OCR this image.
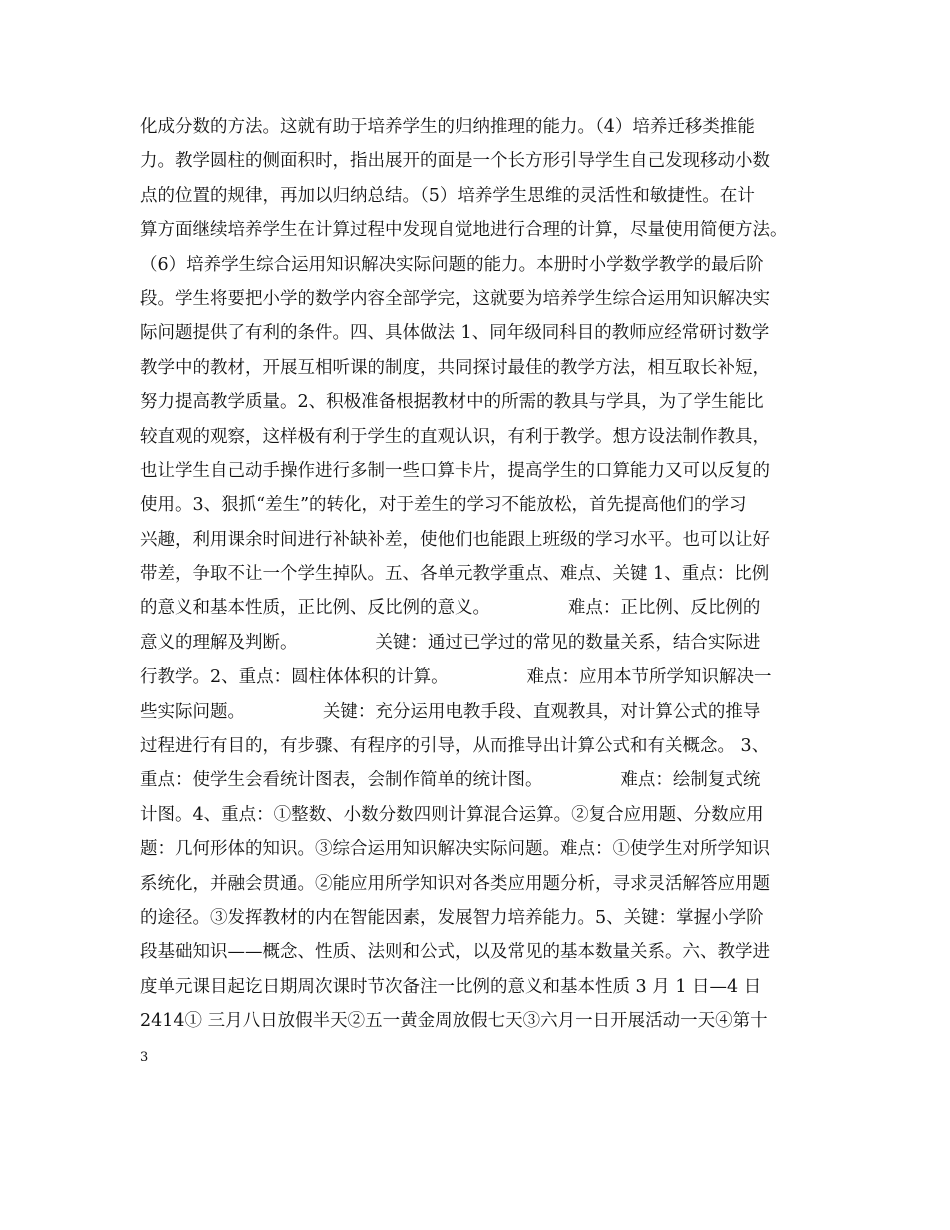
化成分数的方法。这就有助于培养学生的归纳推理的能力。（4）培养迁移类推能
力。教学圆柱的侧面积时，指出展开的面是一个长方形引导学生自己发现移动小数
点的位置的规律，再加以归纳总结。（5）培养学生思维的灵活性和敏捷性。在计
算方面继续培养学生在计算过程中发现自觉地进行合理的计算，尽量使用简便方法。
（6）培养学生综合运用知识解决实际问题的能力。本册时小学数学教学的最后阶
段。学生将要把小学的数学内容全部学完，这就要为培养学生综合运用知识解决实
际问题提供了有利的条件。四、具体做法 1、同年级同科目的教师应经常研讨数学
教学中的教材，开展互相听课的制度，共同探讨最佳的教学方法，相互取长补短，
努力提高教学质量。2、积极准备根据教材中的所需的教具与学具，为了学生能比
较直观的观察，这样极有利于学生的直观认识，有利于教学。想方设法制作教具，
也让学生自己动手操作进行多制一些口算卡片，提高学生的口算能力又可以反复的
使用。3、狠抓“差生”的转化，对于差生的学习不能放松，首先提高他们的学习
兴趣，利用课余时间进行补缺补差，使他们也能跟上班级的学习水平。也可以让好
带差，争取不让一个学生掉队。五、各单元教学重点、难点、关键 1、重点：比例
的意义和基本性质，正比例、反比例的意义。              难点：正比例、反比例的
意义的理解及判断。              关键：通过已学过的常见的数量关系，结合实际进
行教学。2、重点：圆柱体体积的计算。              难点：应用本节所学知识解决一
些实际问题。              关键：充分运用电教手段、直观教具，对计算公式的推导
过程进行有目的，有步骤、有程序的引导，从而推导出计算公式和有关概念。 3、
重点：使学生会看统计图表，会制作简单的统计图。              难点：绘制复式统
计图。4、重点：①整数、小数分数四则计算混合运算。②复合应用题、分数应用
题：几何形体的知识。③综合运用知识解决实际问题。难点：①使学生对所学知识
系统化，并融会贯通。②能应用所学知识对各类应用题分析，寻求灵活解答应用题
的途径。③发挥教材的内在智能因素，发展智力培养能力。5、关键：掌握小学阶
段基础知识——概念、性质、法则和公式，以及常见的基本数量关系。六、教学进
度单元课目起讫日期周次课时节次备注一比例的意义和基本性质 3 月 1 日—4 日
2414① 三月八日放假半天②五一黄金周放假七天③六月一日开展活动一天④第十
3
